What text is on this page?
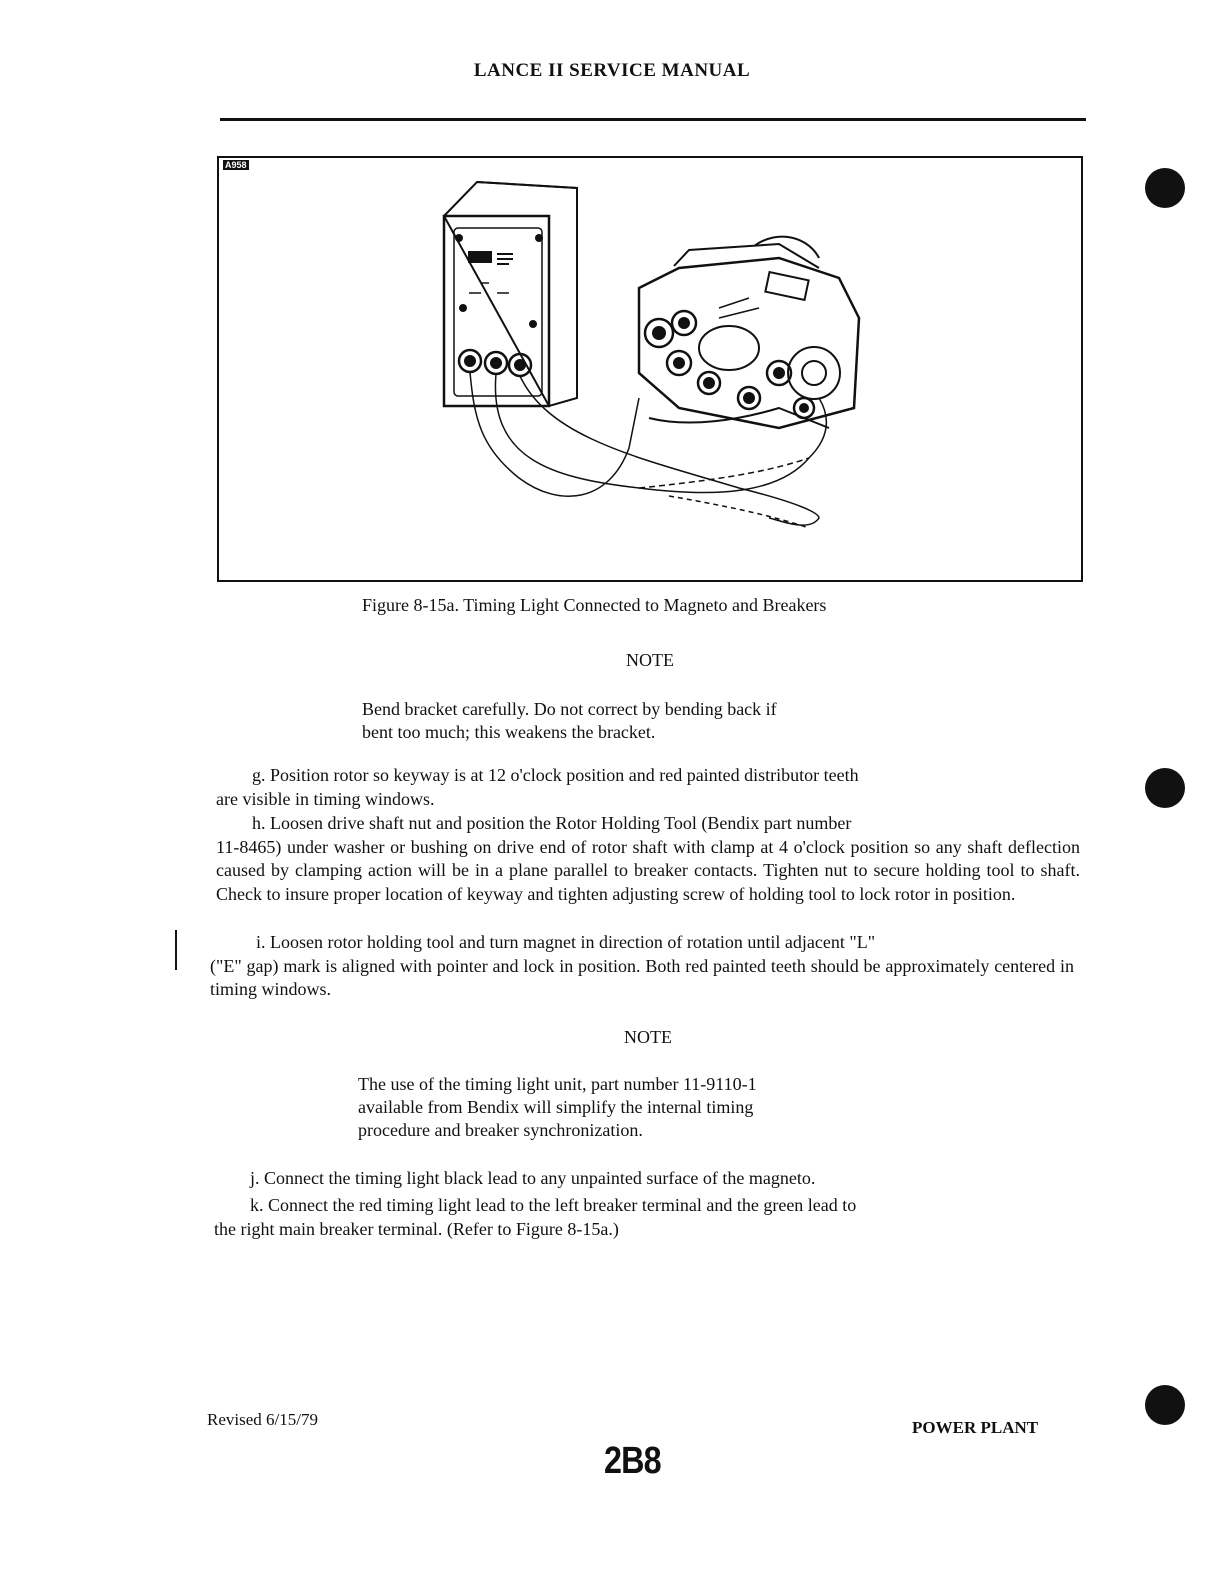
LANCE II SERVICE MANUAL
A958
Figure 8-15a. Timing Light Connected to Magneto and Breakers
NOTE
Bend bracket carefully. Do not correct by bending back if
bent too much; this weakens the bracket.
g. Position rotor so keyway is at 12 o'clock position and red painted distributor teeth
are visible in timing windows.
h. Loosen drive shaft nut and position the Rotor Holding Tool (Bendix part number
11-8465) under washer or bushing on drive end of rotor shaft with clamp at 4 o'clock position so any shaft deflection caused by clamping action will be in a plane parallel to breaker contacts. Tighten nut to secure holding tool to shaft. Check to insure proper location of keyway and tighten adjusting screw of holding tool to lock rotor in position.
i. Loosen rotor holding tool and turn magnet in direction of rotation until adjacent "L"
("E" gap) mark is aligned with pointer and lock in position. Both red painted teeth should be approximately centered in timing windows.
NOTE
The use of the timing light unit, part number 11-9110-1
available from Bendix will simplify the internal timing
procedure and breaker synchronization.
j. Connect the timing light black lead to any unpainted surface of the magneto.
k. Connect the red timing light lead to the left breaker terminal and the green lead to
the right main breaker terminal. (Refer to Figure 8-15a.)
Revised 6/15/79	POWER PLANT
2B8
